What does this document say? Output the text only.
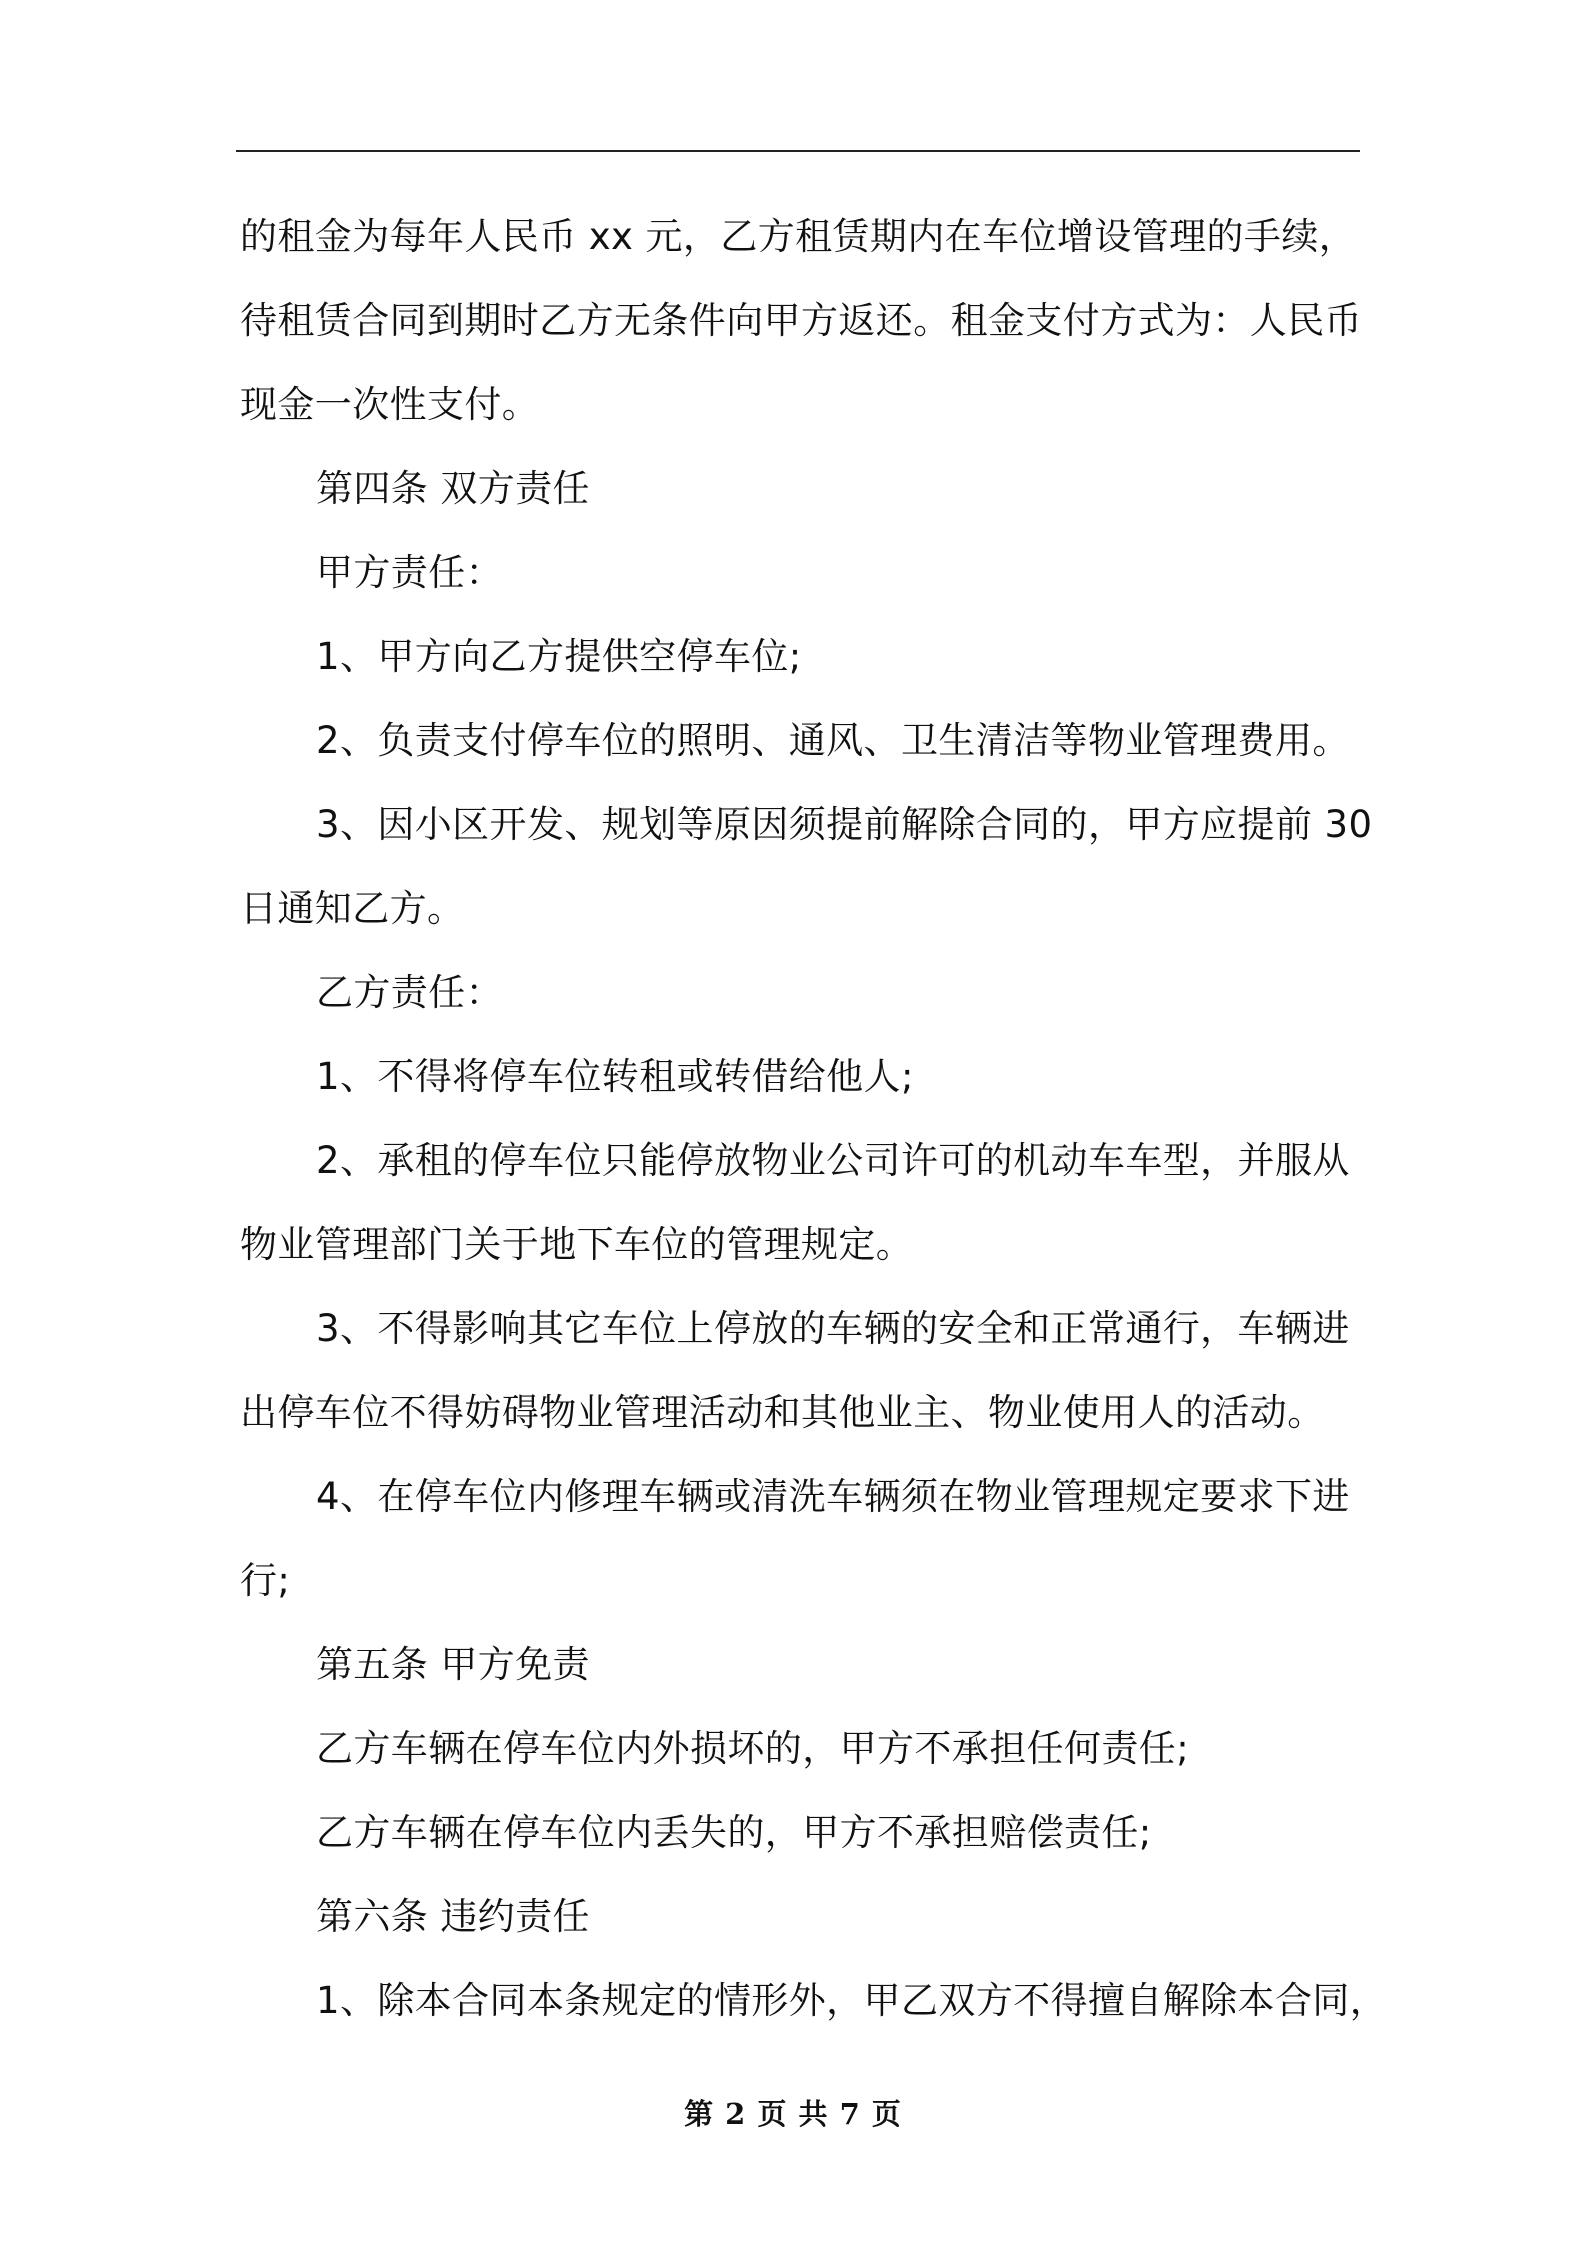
的租金为每年人民币 xx 元，乙方租赁期内在车位增设管理的手续，
待租赁合同到期时乙方无条件向甲方返还。租金支付方式为：人民币
现金一次性支付。
第四条 双方责任
甲方责任：
1、甲方向乙方提供空停车位;
2、负责支付停车位的照明、通风、卫生清洁等物业管理费用。
3、因小区开发、规划等原因须提前解除合同的，甲方应提前 30
日通知乙方。
乙方责任：
1、不得将停车位转租或转借给他人;
2、承租的停车位只能停放物业公司许可的机动车车型，并服从
物业管理部门关于地下车位的管理规定。
3、不得影响其它车位上停放的车辆的安全和正常通行，车辆进
出停车位不得妨碍物业管理活动和其他业主、物业使用人的活动。
4、在停车位内修理车辆或清洗车辆须在物业管理规定要求下进
行;
第五条 甲方免责
乙方车辆在停车位内外损坏的，甲方不承担任何责任;
乙方车辆在停车位内丢失的，甲方不承担赔偿责任;
第六条 违约责任
1、除本合同本条规定的情形外，甲乙双方不得擅自解除本合同，
第 2 页 共 7 页
